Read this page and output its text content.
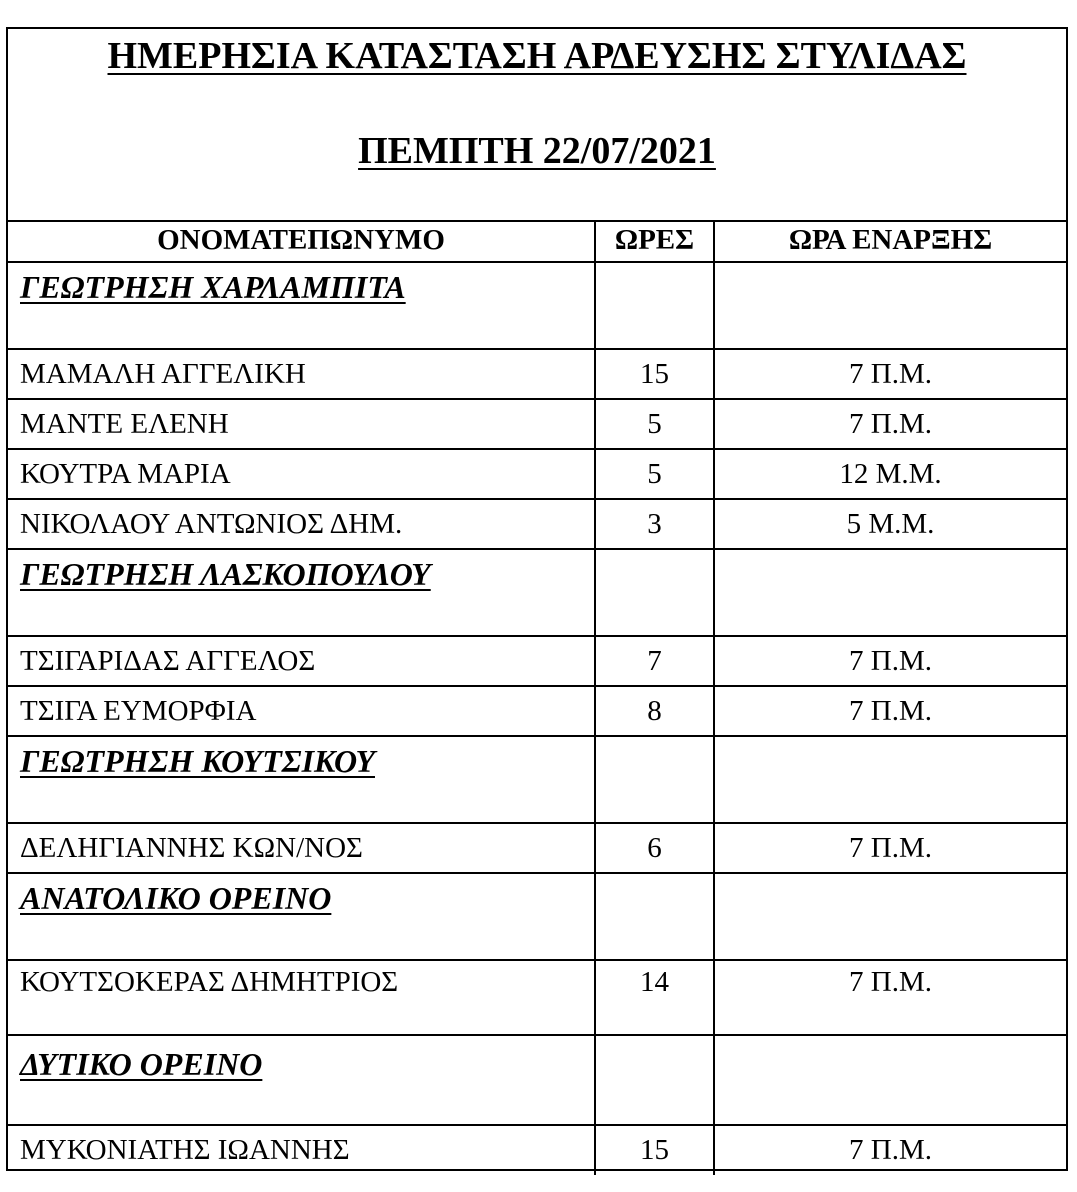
ΗΜΕΡΗΣΙΑ ΚΑΤΑΣΤΑΣΗ ΑΡΔΕΥΣΗΣ ΣΤΥΛΙΔΑΣ
ΠΕΜΠΤΗ 22/07/2021
ΟΝΟΜΑΤΕΠΩΝΥΜΟ	ΩΡΕΣ	ΩΡΑ ΕΝΑΡΞΗΣ
ΓΕΩΤΡΗΣΗ ΧΑΡΛΑΜΠΙΤΑ		
ΜΑΜΑΛΗ ΑΓΓΕΛΙΚΗ	15	7 Π.Μ.
ΜΑΝΤΕ ΕΛΕΝΗ	5	7 Π.Μ.
ΚΟΥΤΡΑ ΜΑΡΙΑ	5	12 Μ.Μ.
ΝΙΚΟΛΑΟΥ ΑΝΤΩΝΙΟΣ ΔΗΜ.	3	5 Μ.Μ.
ΓΕΩΤΡΗΣΗ ΛΑΣΚΟΠΟΥΛΟΥ		
ΤΣΙΓΑΡΙΔΑΣ ΑΓΓΕΛΟΣ	7	7 Π.Μ.
ΤΣΙΓΑ ΕΥΜΟΡΦΙΑ	8	7 Π.Μ.
ΓΕΩΤΡΗΣΗ ΚΟΥΤΣΙΚΟΥ		
ΔΕΛΗΓΙΑΝΝΗΣ ΚΩΝ/ΝΟΣ	6	7 Π.Μ.
ΑΝΑΤΟΛΙΚΟ ΟΡΕΙΝΟ		
ΚΟΥΤΣΟΚΕΡΑΣ ΔΗΜΗΤΡΙΟΣ	14	7 Π.Μ.
ΔΥΤΙΚΟ ΟΡΕΙΝΟ		
ΜΥΚΟΝΙΑΤΗΣ ΙΩΑΝΝΗΣ	15	7 Π.Μ.
